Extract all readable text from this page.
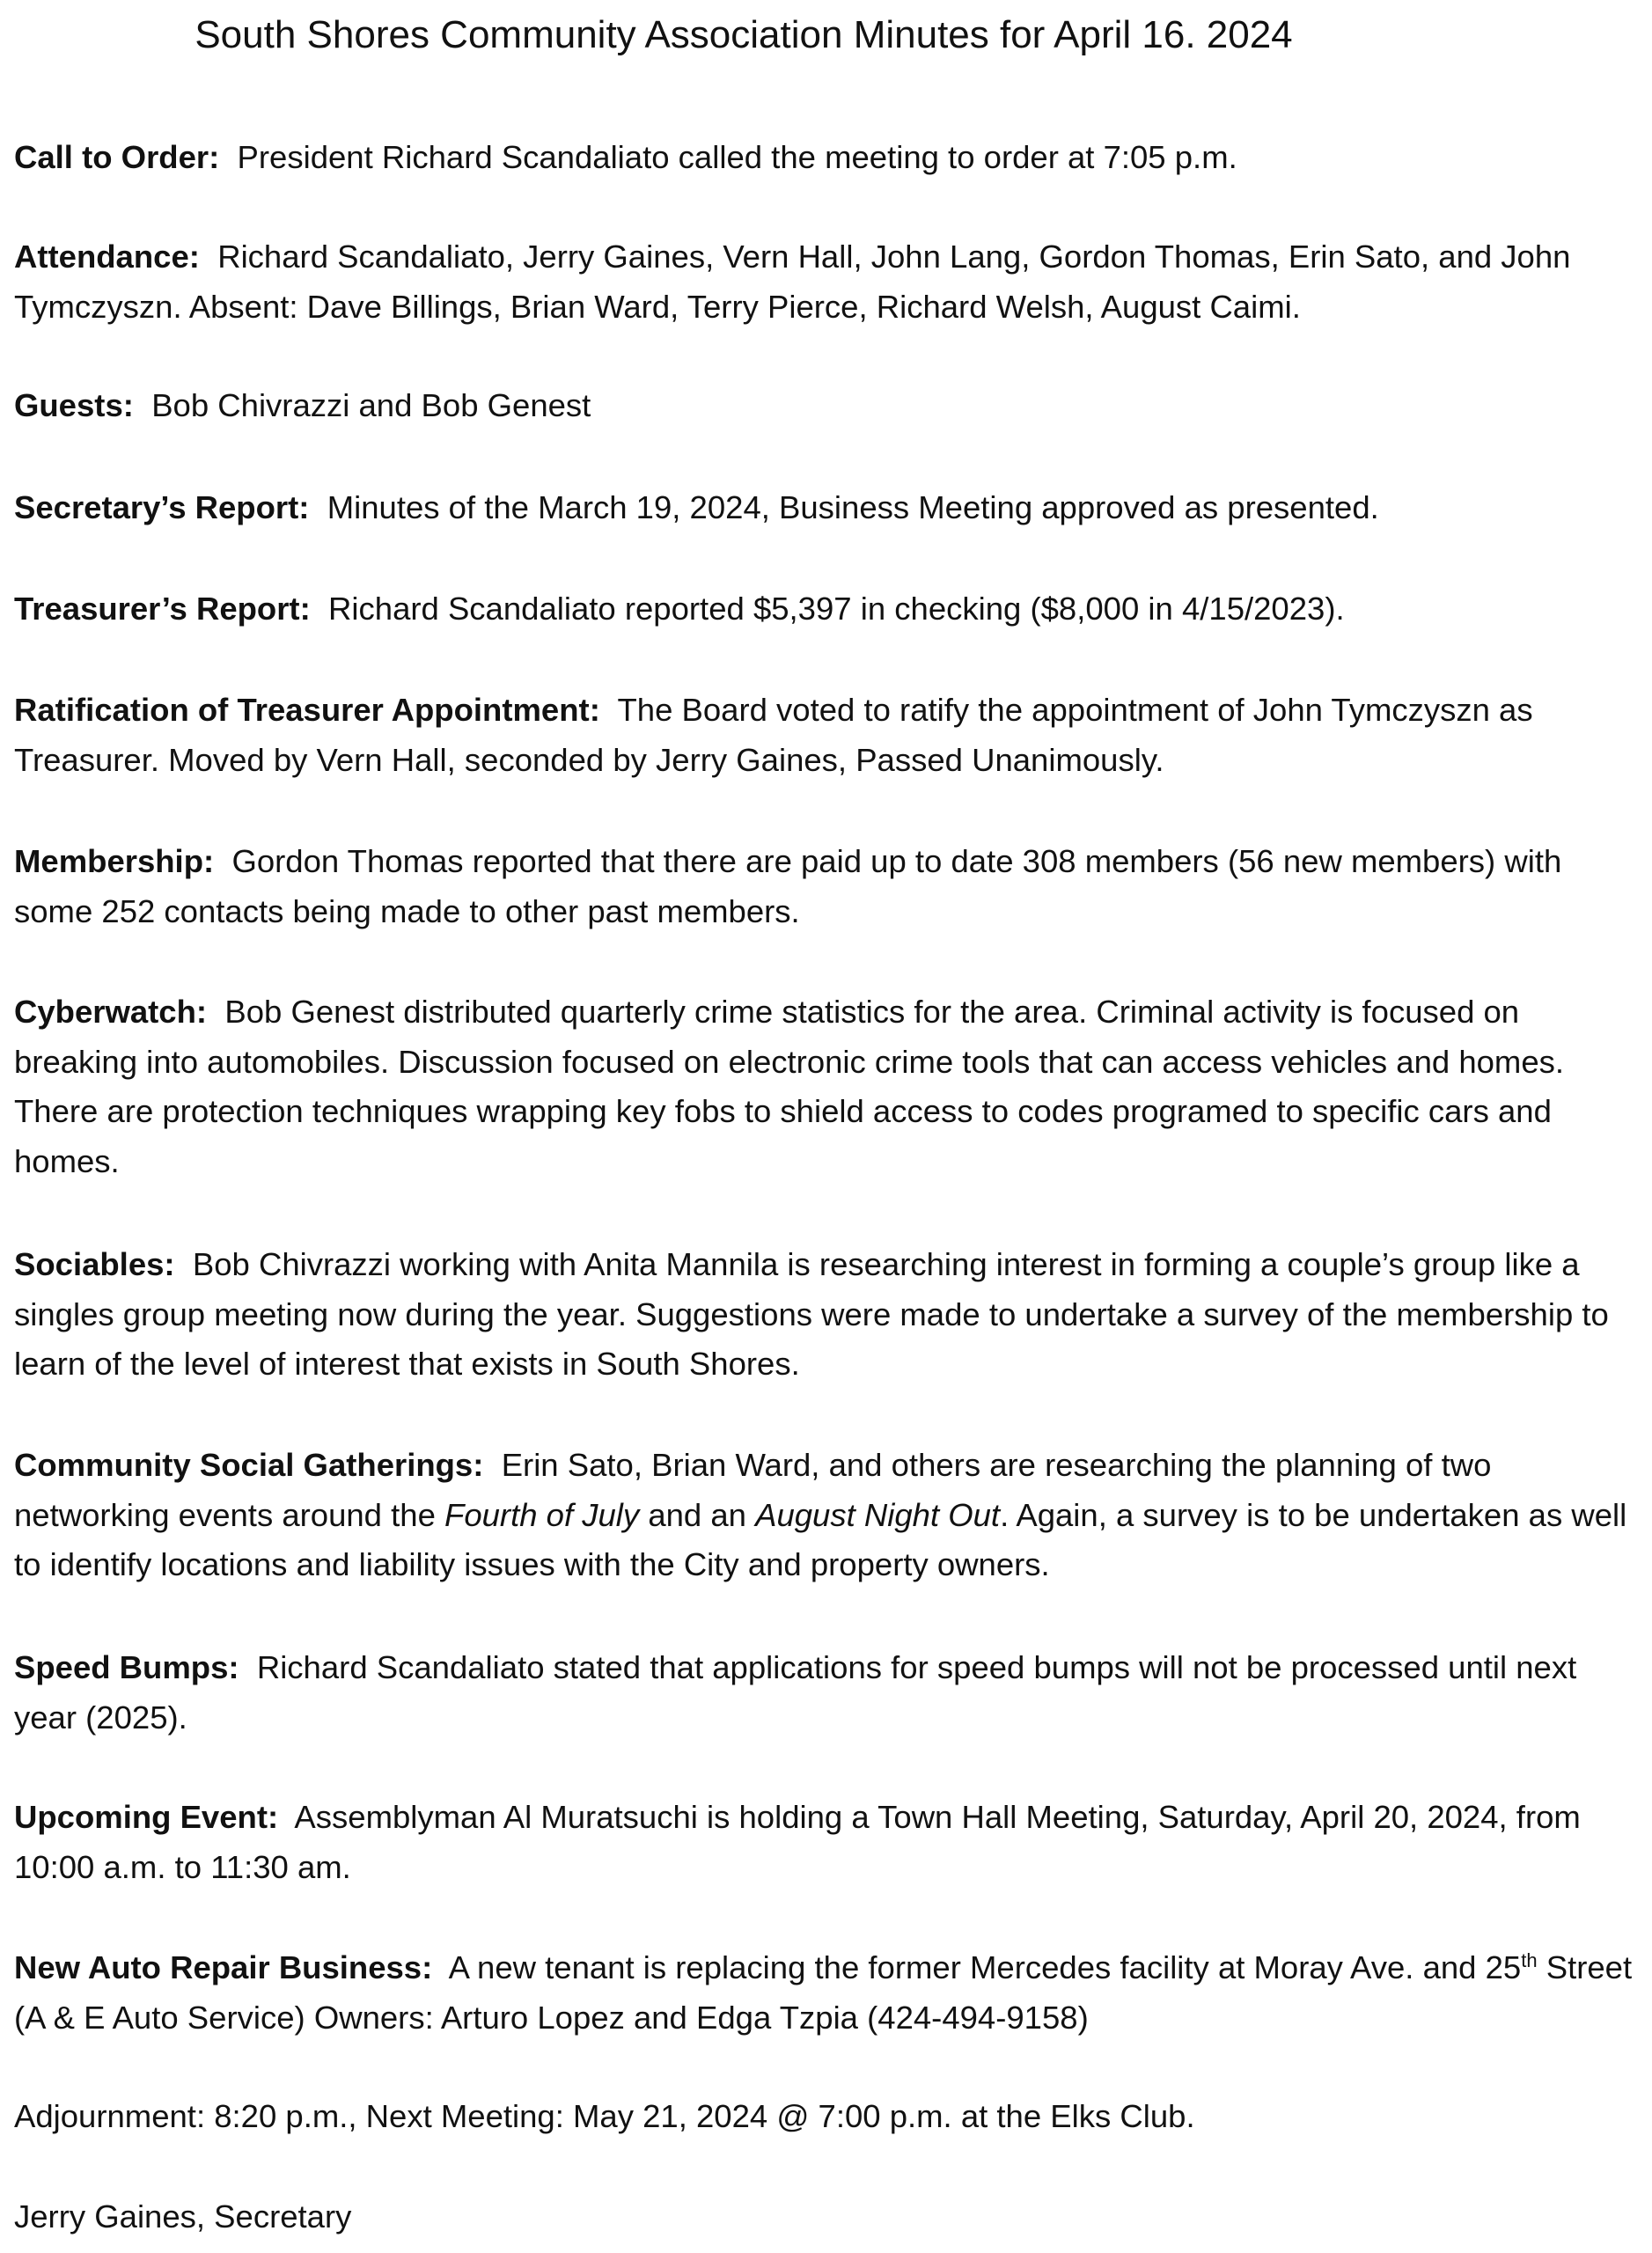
South Shores Community Association Minutes for April 16. 2024

Call to Order: President Richard Scandaliato called the meeting to order at 7:05 p.m.

Attendance: Richard Scandaliato, Jerry Gaines, Vern Hall, John Lang, Gordon Thomas, Erin Sato, and John Tymczyszn. Absent: Dave Billings, Brian Ward, Terry Pierce, Richard Welsh, August Caimi.

Guests: Bob Chivrazzi and Bob Genest

Secretary’s Report: Minutes of the March 19, 2024, Business Meeting approved as presented.

Treasurer’s Report: Richard Scandaliato reported $5,397 in checking ($8,000 in 4/15/2023).

Ratification of Treasurer Appointment: The Board voted to ratify the appointment of John Tymczyszn as Treasurer. Moved by Vern Hall, seconded by Jerry Gaines, Passed Unanimously.

Membership: Gordon Thomas reported that there are paid up to date 308 members (56 new members) with some 252 contacts being made to other past members.

Cyberwatch: Bob Genest distributed quarterly crime statistics for the area. Criminal activity is focused on breaking into automobiles. Discussion focused on electronic crime tools that can access vehicles and homes. There are protection techniques wrapping key fobs to shield access to codes programed to specific cars and homes.

Sociables: Bob Chivrazzi working with Anita Mannila is researching interest in forming a couple’s group like a singles group meeting now during the year. Suggestions were made to undertake a survey of the membership to learn of the level of interest that exists in South Shores.

Community Social Gatherings: Erin Sato, Brian Ward, and others are researching the planning of two networking events around the Fourth of July and an August Night Out. Again, a survey is to be undertaken as well to identify locations and liability issues with the City and property owners.

Speed Bumps: Richard Scandaliato stated that applications for speed bumps will not be processed until next year (2025).

Upcoming Event: Assemblyman Al Muratsuchi is holding a Town Hall Meeting, Saturday, April 20, 2024, from 10:00 a.m. to 11:30 am.

New Auto Repair Business: A new tenant is replacing the former Mercedes facility at Moray Ave. and 25th Street (A & E Auto Service) Owners: Arturo Lopez and Edga Tzpia (424-494-9158)

Adjournment: 8:20 p.m., Next Meeting: May 21, 2024 @ 7:00 p.m. at the Elks Club.

Jerry Gaines, Secretary
